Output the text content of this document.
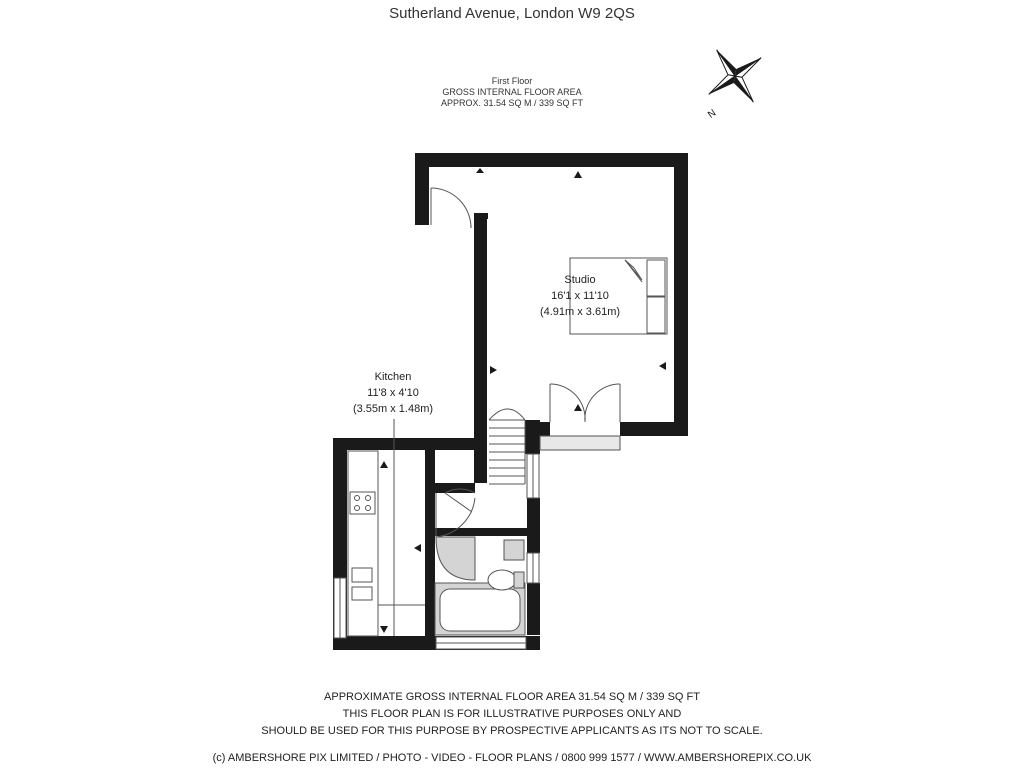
Sutherland Avenue, London W9 2QS
First Floor
GROSS INTERNAL FLOOR AREA
APPROX. 31.54 SQ M / 339 SQ FT
N
Studio
16'1 x 11'10
(4.91m x 3.61m)
Kitchen
11'8 x 4'10
(3.55m x 1.48m)
APPROXIMATE GROSS INTERNAL FLOOR AREA 31.54 SQ M / 339 SQ FT
THIS FLOOR PLAN IS FOR ILLUSTRATIVE PURPOSES ONLY AND
SHOULD BE USED FOR THIS PURPOSE BY PROSPECTIVE APPLICANTS AS ITS NOT TO SCALE.
(c) AMBERSHORE PIX LIMITED / PHOTO - VIDEO - FLOOR PLANS / 0800 999 1577 / WWW.AMBERSHOREPIX.CO.UK
